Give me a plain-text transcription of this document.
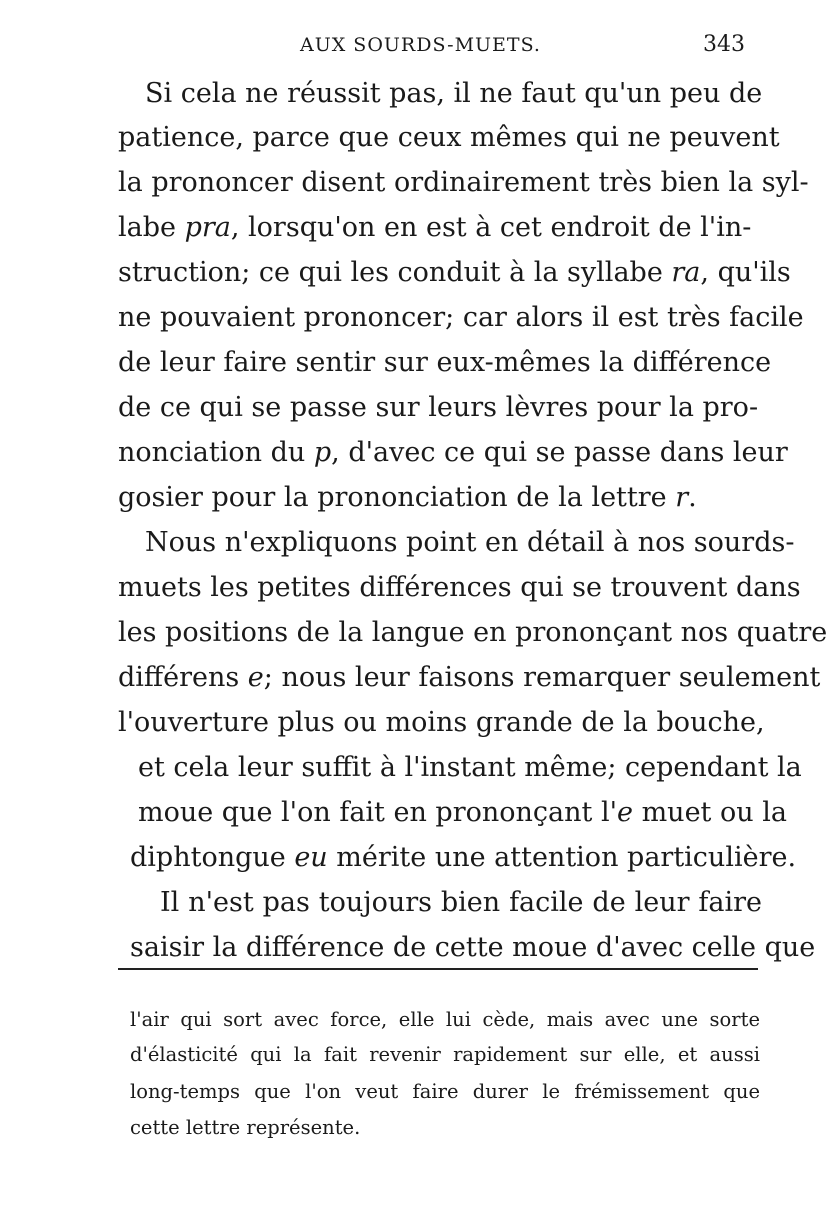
AUX SOURDS-MUETS.	343
Si cela ne réussit pas, il ne faut qu'un peu de
patience, parce que ceux mêmes qui ne peuvent
la prononcer disent ordinairement très bien la syl-
labe pra, lorsqu'on en est à cet endroit de l'in-
struction; ce qui les conduit à la syllabe ra, qu'ils
ne pouvaient prononcer; car alors il est très facile
de leur faire sentir sur eux-mêmes la différence
de ce qui se passe sur leurs lèvres pour la pro-
nonciation du p, d'avec ce qui se passe dans leur
gosier pour la prononciation de la lettre r.
Nous n'expliquons point en détail à nos sourds-
muets les petites différences qui se trouvent dans
les positions de la langue en prononçant nos quatre
différens e; nous leur faisons remarquer seulement
l'ouverture plus ou moins grande de la bouche,
et cela leur suffit à l'instant même; cependant la
moue que l'on fait en prononçant l'e muet ou la
diphtongue eu mérite une attention particulière.
Il n'est pas toujours bien facile de leur faire
saisir la différence de cette moue d'avec celle que
l'air qui sort avec force, elle lui cède, mais avec une sorte
d'élasticité qui la fait revenir rapidement sur elle, et aussi
long-temps que l'on veut faire durer le frémissement que
cette lettre représente.
